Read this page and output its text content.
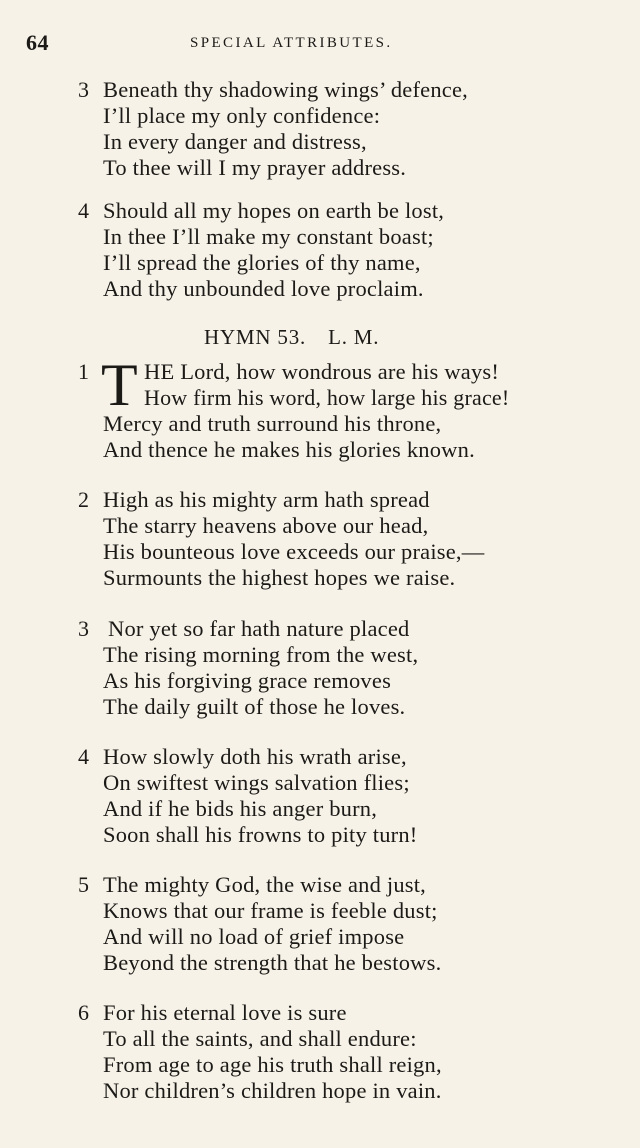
64	SPECIAL ATTRIBUTES.
3 Beneath thy shadowing wings’ defence,
I’ll place my only confidence:
In every danger and distress,
To thee will I my prayer address.
4 Should all my hopes on earth be lost,
In thee I’ll make my constant boast;
I’ll spread the glories of thy name,
And thy unbounded love proclaim.
HYMN 53. L. M.
T
1 HE Lord, how wondrous are his ways!
How firm his word, how large his grace!
Mercy and truth surround his throne,
And thence he makes his glories known.
2 High as his mighty arm hath spread
The starry heavens above our head,
His bounteous love exceeds our praise,—
Surmounts the highest hopes we raise.
3 Nor yet so far hath nature placed
The rising morning from the west,
As his forgiving grace removes
The daily guilt of those he loves.
4 How slowly doth his wrath arise,
On swiftest wings salvation flies;
And if he bids his anger burn,
Soon shall his frowns to pity turn!
5 The mighty God, the wise and just,
Knows that our frame is feeble dust;
And will no load of grief impose
Beyond the strength that he bestows.
6 For his eternal love is sure
To all the saints, and shall endure:
From age to age his truth shall reign,
Nor children’s children hope in vain.
